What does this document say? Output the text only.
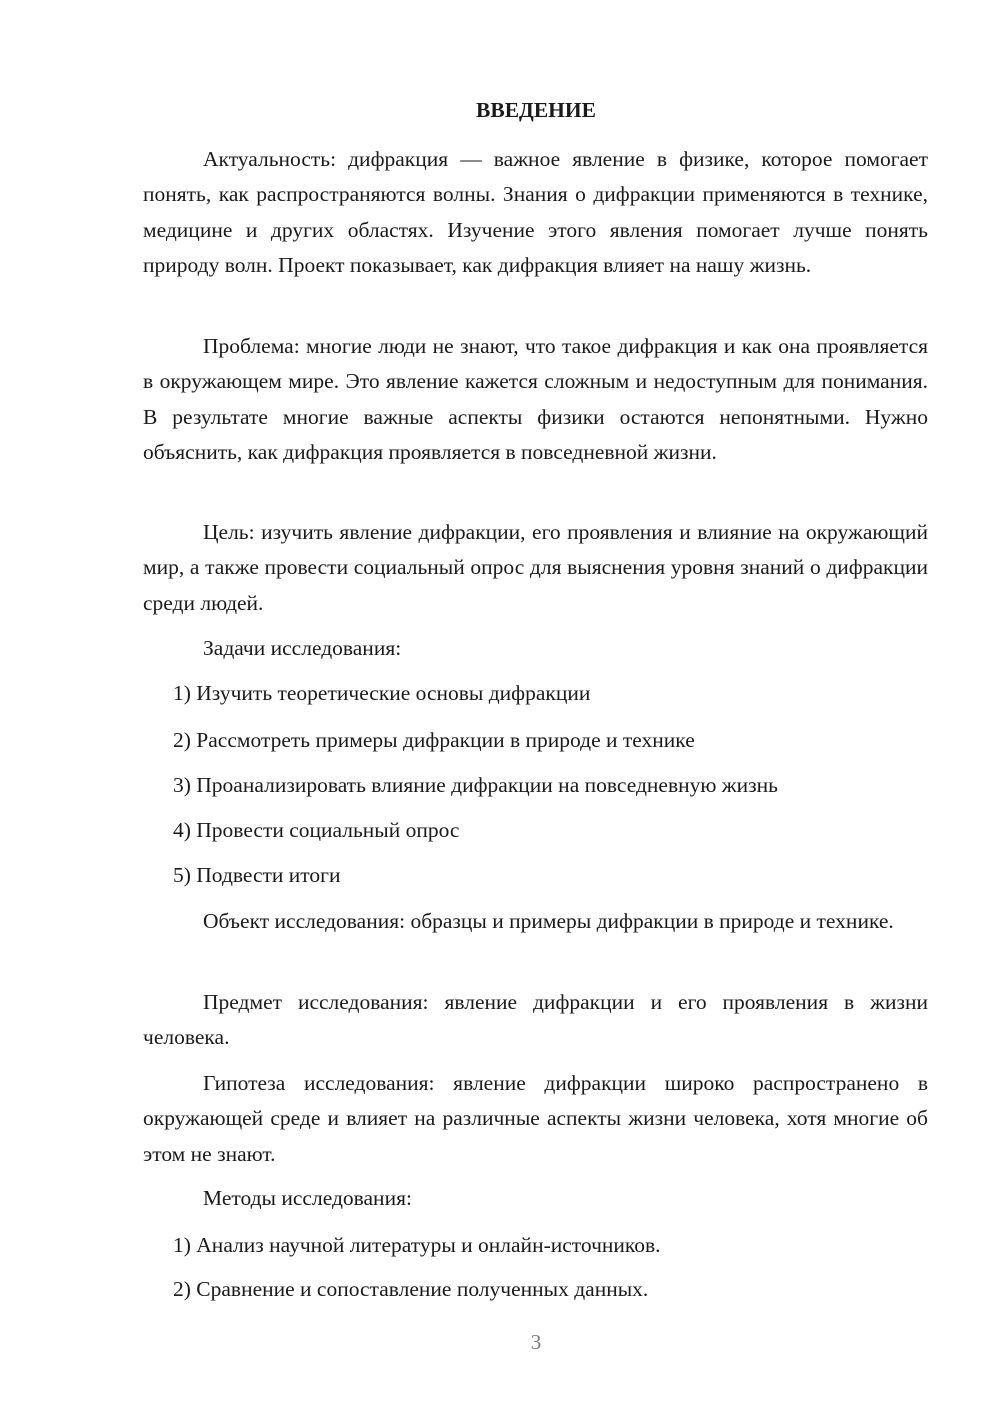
ВВЕДЕНИЕ

Актуальность: дифракция — важное явление в физике, которое помогает понять, как распространяются волны. Знания о дифракции применяются в технике, медицине и других областях. Изучение этого явления помогает лучше понять природу волн. Проект показывает, как дифракция влияет на нашу жизнь.

Проблема: многие люди не знают, что такое дифракция и как она проявляется в окружающем мире. Это явление кажется сложным и недоступным для понимания. В результате многие важные аспекты физики остаются непонятными. Нужно объяснить, как дифракция проявляется в повседневной жизни.

Цель: изучить явление дифракции, его проявления и влияние на окружающий мир, а также провести социальный опрос для выяснения уровня знаний о дифракции среди людей.

Задачи исследования:

1) Изучить теоретические основы дифракции
2) Рассмотреть примеры дифракции в природе и технике
3) Проанализировать влияние дифракции на повседневную жизнь
4) Провести социальный опрос
5) Подвести итоги

Объект исследования: образцы и примеры дифракции в природе и технике.

Предмет исследования: явление дифракции и его проявления в жизни человека.

Гипотеза исследования: явление дифракции широко распространено в окружающей среде и влияет на различные аспекты жизни человека, хотя многие об этом не знают.

Методы исследования:

1) Анализ научной литературы и онлайн-источников.
2) Сравнение и сопоставление полученных данных.
3
